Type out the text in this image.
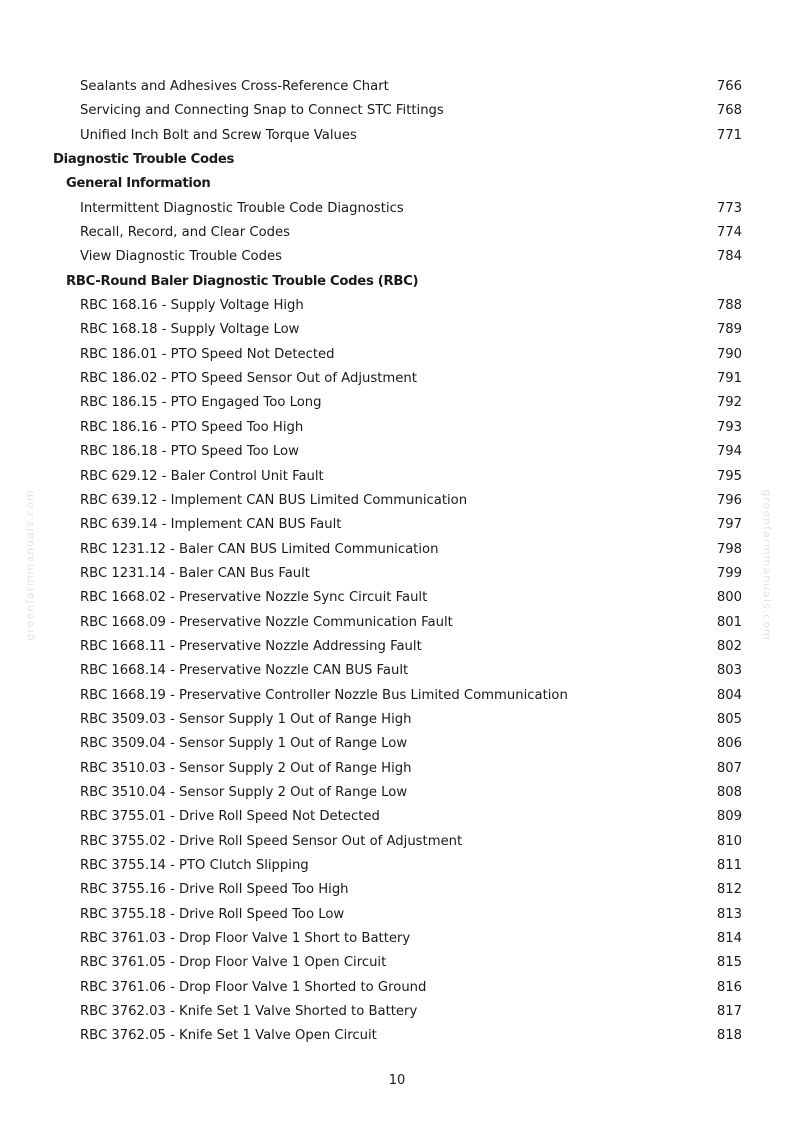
greenfarmmanuals.com	greenfarmmanuals.com
Sealants and Adhesives Cross-Reference Chart	766
Servicing and Connecting Snap to Connect STC Fittings	768
Unified Inch Bolt and Screw Torque Values	771
Diagnostic Trouble Codes
General Information
Intermittent Diagnostic Trouble Code Diagnostics	773
Recall, Record, and Clear Codes	774
View Diagnostic Trouble Codes	784
RBC-Round Baler Diagnostic Trouble Codes (RBC)
RBC 168.16 - Supply Voltage High	788
RBC 168.18 - Supply Voltage Low	789
RBC 186.01 - PTO Speed Not Detected	790
RBC 186.02 - PTO Speed Sensor Out of Adjustment	791
RBC 186.15 - PTO Engaged Too Long	792
RBC 186.16 - PTO Speed Too High	793
RBC 186.18 - PTO Speed Too Low	794
RBC 629.12 - Baler Control Unit Fault	795
RBC 639.12 - Implement CAN BUS Limited Communication	796
RBC 639.14 - Implement CAN BUS Fault	797
RBC 1231.12 - Baler CAN BUS Limited Communication	798
RBC 1231.14 - Baler CAN Bus Fault	799
RBC 1668.02 - Preservative Nozzle Sync Circuit Fault	800
RBC 1668.09 - Preservative Nozzle Communication Fault	801
RBC 1668.11 - Preservative Nozzle Addressing Fault	802
RBC 1668.14 - Preservative Nozzle CAN BUS Fault	803
RBC 1668.19 - Preservative Controller Nozzle Bus Limited Communication	804
RBC 3509.03 - Sensor Supply 1 Out of Range High	805
RBC 3509.04 - Sensor Supply 1 Out of Range Low	806
RBC 3510.03 - Sensor Supply 2 Out of Range High	807
RBC 3510.04 - Sensor Supply 2 Out of Range Low	808
RBC 3755.01 - Drive Roll Speed Not Detected	809
RBC 3755.02 - Drive Roll Speed Sensor Out of Adjustment	810
RBC 3755.14 - PTO Clutch Slipping	811
RBC 3755.16 - Drive Roll Speed Too High	812
RBC 3755.18 - Drive Roll Speed Too Low	813
RBC 3761.03 - Drop Floor Valve 1 Short to Battery	814
RBC 3761.05 - Drop Floor Valve 1 Open Circuit	815
RBC 3761.06 - Drop Floor Valve 1 Shorted to Ground	816
RBC 3762.03 - Knife Set 1 Valve Shorted to Battery	817
RBC 3762.05 - Knife Set 1 Valve Open Circuit	818
10
